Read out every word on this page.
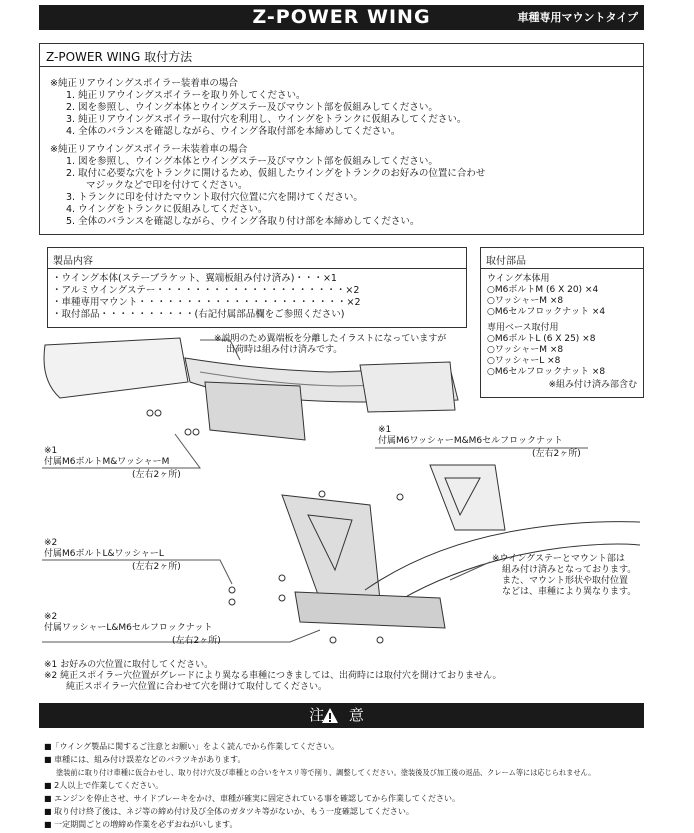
Z-POWER WING	車種専用マウントタイプ
Z-POWER WING 取付方法
※純正リアウイングスポイラー装着車の場合
1. 純正リアウイングスポイラーを取り外してください。
2. 図を参照し、ウイング本体とウイングステー及びマウント部を仮組みしてください。
3. 純正リアウイングスポイラー取付穴を利用し、ウイングをトランクに仮組みしてください。
4. 全体のバランスを確認しながら、ウイング各取付部を本締めしてください。
※純正リアウイングスポイラー未装着車の場合
1. 図を参照し、ウイング本体とウイングステー及びマウント部を仮組みしてください。
2. 取付に必要な穴をトランクに開けるため、仮組したウイングをトランクのお好みの位置に合わせ
マジックなどで印を付けてください。
3. トランクに印を付けたマウント取付穴位置に穴を開けてください。
4. ウイングをトランクに仮組みしてください。
5. 全体のバランスを確認しながら、ウイング各取り付け部を本締めしてください。
製品内容
・ウイング本体(ステーブラケット、翼端板組み付け済み)・・・×1
・アルミウイングステー・・・・・・・・・・・・・・・・・・・・×2
・車種専用マウント・・・・・・・・・・・・・・・・・・・・・・×2
・取付部品・・・・・・・・・・(右記付属部品欄をご参照ください)
取付部品
ウイング本体用
○M6ボルトM (6 X 20) ×4
○ワッシャーM ×8
○M6セルフロックナット ×4
専用ベース取付用
○M6ボルトL (6 X 25) ×8
○ワッシャーM ×8
○ワッシャーL ×8
○M6セルフロックナット ×8
※組み付け済み部含む
※説明のため翼端板を分離したイラストになっていますが
出荷時は組み付け済みです。
※1
付属M6ボルトM&ワッシャーM
(左右2ヶ所)
※1
付属M6ワッシャーM&M6セルフロックナット
(左右2ヶ所)
※2
付属M6ボルトL&ワッシャーL
(左右2ヶ所)
※2
付属ワッシャーL&M6セルフロックナット
(左右2ヶ所)
※ウイングステーとマウント部は
組み付け済みとなっております。
また、マウント形状や取付位置
などは、車種により異なります。
※1 お好みの穴位置に取付してください。
※2 純正スポイラー穴位置がグレードにより異なる車種につきましては、出荷時には取付穴を開けておりません。
純正スポイラー穴位置に合わせて穴を開けて取付してください。
注 意
■「ウイング製品に関するご注意とお願い」をよく読んでから作業してください。
■ 車種には、組み付け誤差などのバラツキがあります。
塗装前に取り付け車種に仮合わせし、取り付け穴及び車種との合いをヤスリ等で削り、調整してください。塗装後及び加工後の返品、クレーム等には応じられません。
■ 2人以上で作業してください。
■ エンジンを停止させ、サイドブレーキをかけ、車種が確実に固定されている事を確認してから作業してください。
■ 取り付け終了後は、ネジ等の締め付け及び全体のガタツキ等がないか、もう一度確認してください。
■ 一定期間ごとの増締め作業を必ずおねがいします。
